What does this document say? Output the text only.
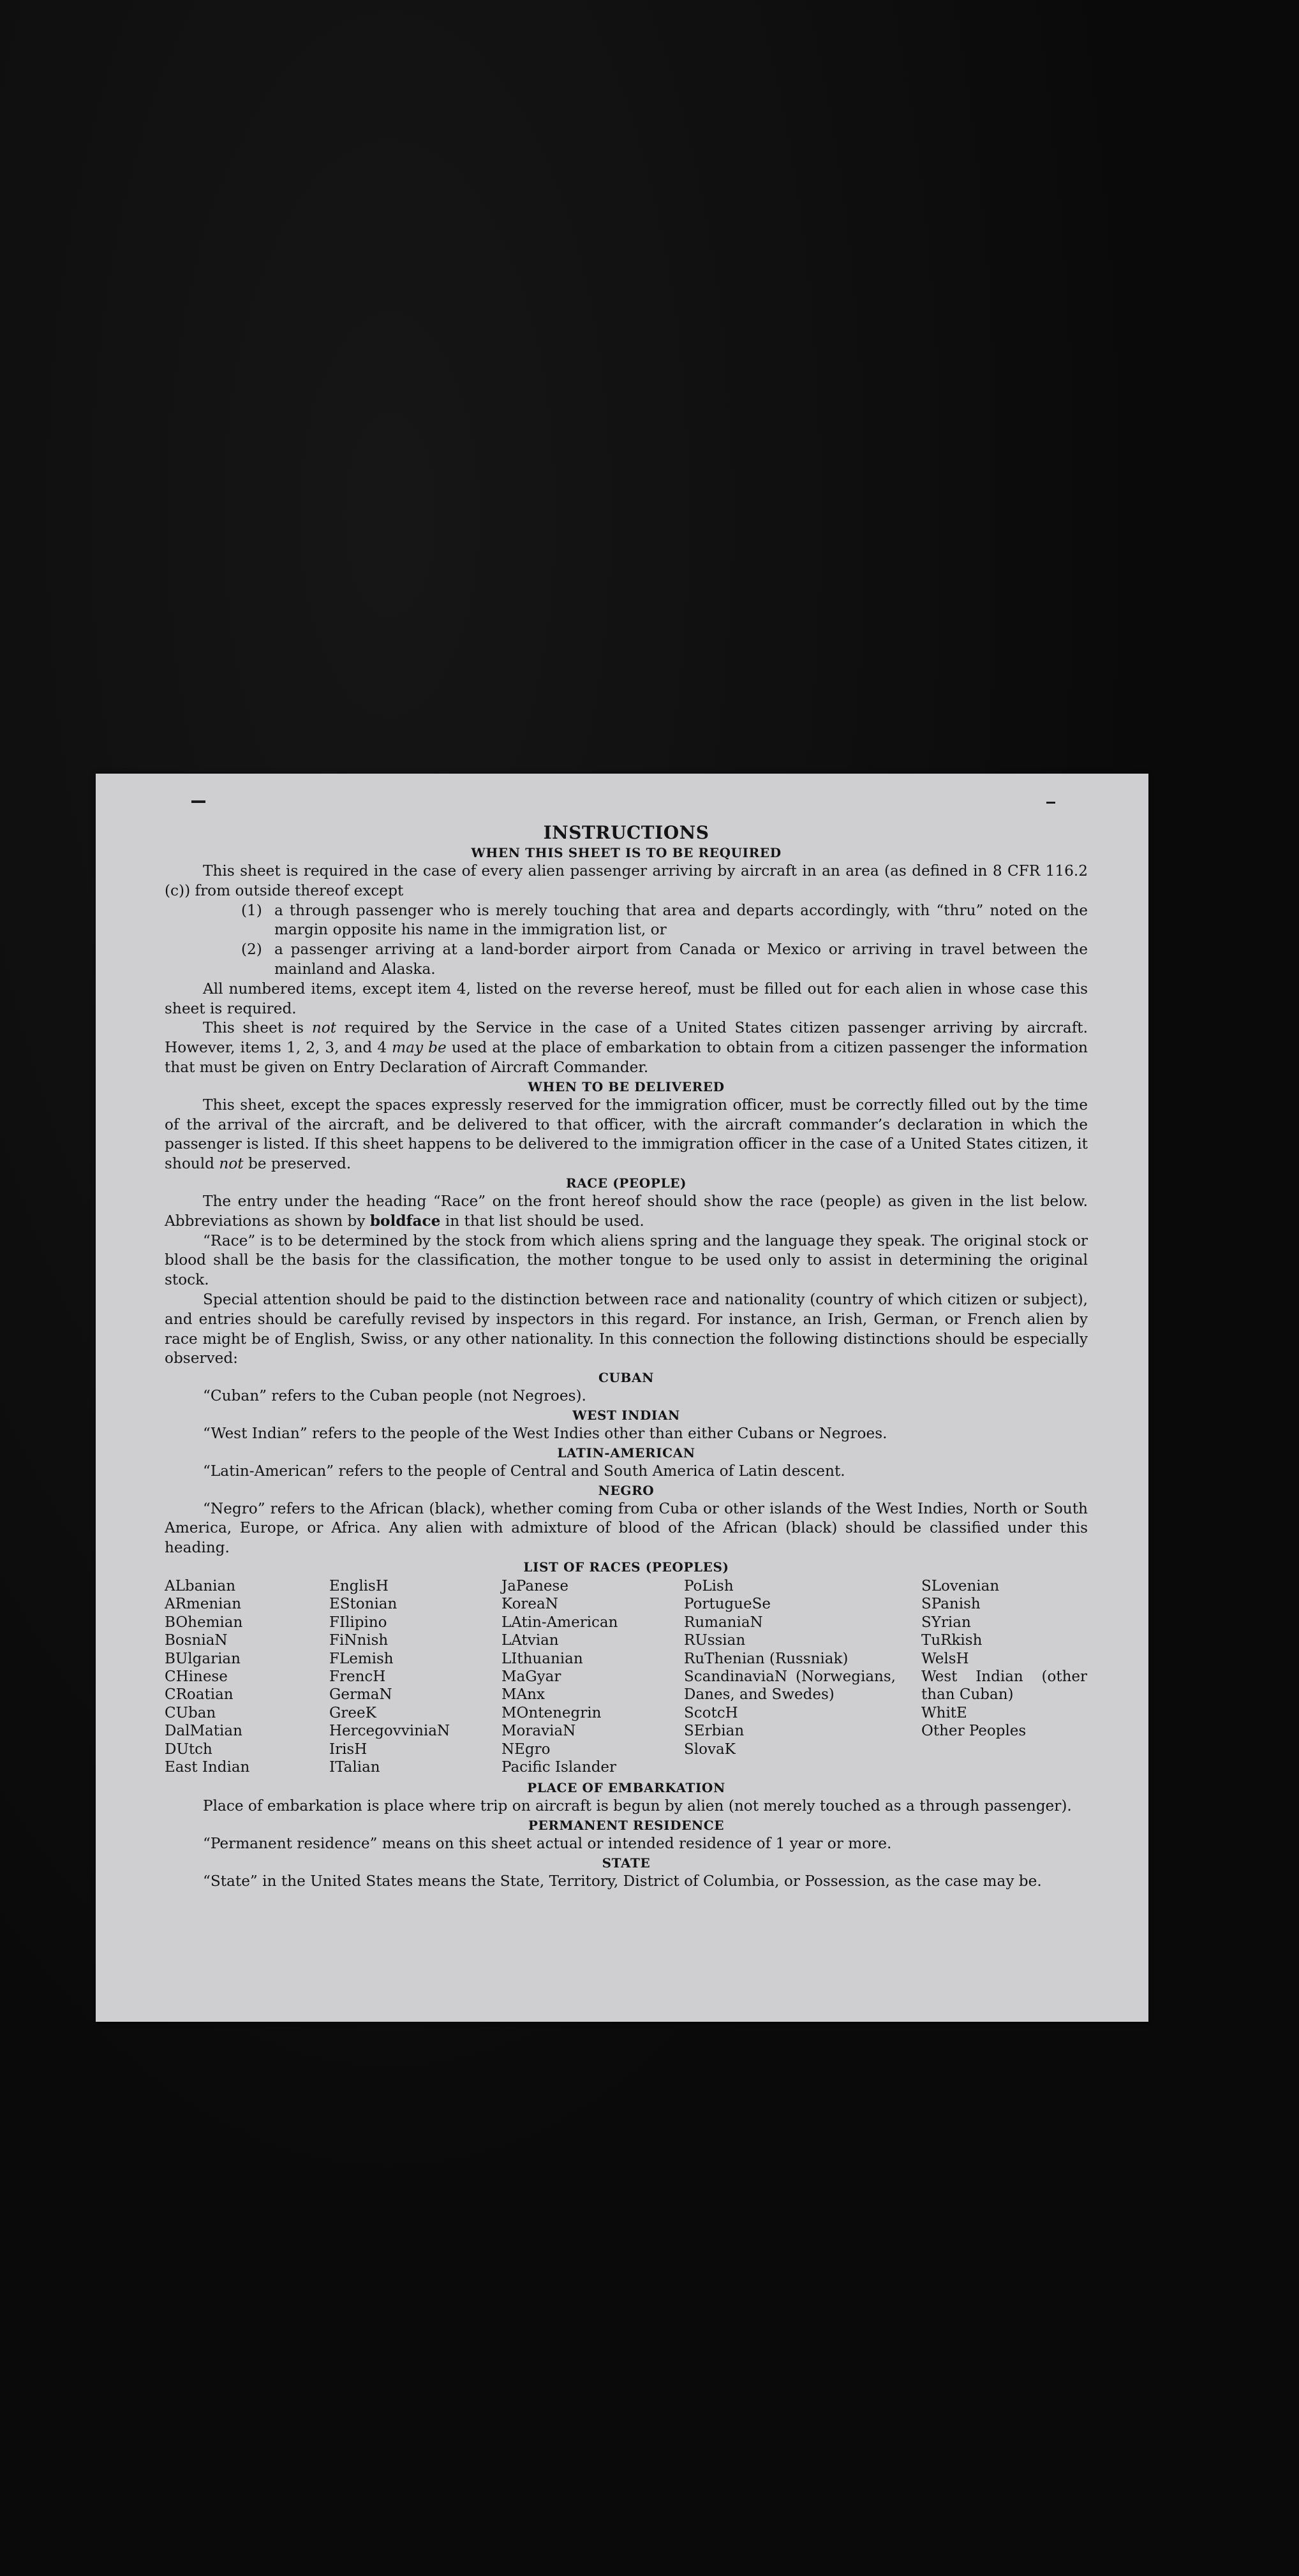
INSTRUCTIONS
WHEN THIS SHEET IS TO BE REQUIRED

This sheet is required in the case of every alien passenger arriving by aircraft in an area (as defined in 8 CFR 116.2 (c)) from outside thereof except

(1) a through passenger who is merely touching that area and departs accordingly, with “thru” noted on the margin opposite his name in the immigration list, or
(2) a passenger arriving at a land-border airport from Canada or Mexico or arriving in travel between the mainland and Alaska.

All numbered items, except item 4, listed on the reverse hereof, must be filled out for each alien in whose case this sheet is required.

This sheet is not required by the Service in the case of a United States citizen passenger arriving by aircraft. However, items 1, 2, 3, and 4 may be used at the place of embarkation to obtain from a citizen passenger the information that must be given on Entry Declaration of Aircraft Commander.

WHEN TO BE DELIVERED

This sheet, except the spaces expressly reserved for the immigration officer, must be correctly filled out by the time of the arrival of the aircraft, and be delivered to that officer, with the aircraft commander’s declaration in which the passenger is listed. If this sheet happens to be delivered to the immigration officer in the case of a United States citizen, it should not be preserved.

RACE (PEOPLE)

The entry under the heading “Race” on the front hereof should show the race (people) as given in the list below. Abbreviations as shown by boldface in that list should be used.

“Race” is to be determined by the stock from which aliens spring and the language they speak. The original stock or blood shall be the basis for the classification, the mother tongue to be used only to assist in determining the original stock.

Special attention should be paid to the distinction between race and nationality (country of which citizen or subject), and entries should be carefully revised by inspectors in this regard. For instance, an Irish, German, or French alien by race might be of English, Swiss, or any other nationality. In this connection the following distinctions should be especially observed:

CUBAN

“Cuban” refers to the Cuban people (not Negroes).

WEST INDIAN

“West Indian” refers to the people of the West Indies other than either Cubans or Negroes.

LATIN-AMERICAN

“Latin-American” refers to the people of Central and South America of Latin descent.

NEGRO

“Negro” refers to the African (black), whether coming from Cuba or other islands of the West Indies, North or South America, Europe, or Africa. Any alien with admixture of blood of the African (black) should be classified under this heading.

LIST OF RACES (PEOPLES)
ALbanian
ARmenian
BOhemian
BosniaN
BUlgarian
CHinese
CRoatian
CUban
DalMatian
DUtch
East Indian
EnglisH
EStonian
FIlipino
FiNnish
FLemish
FrencH
GermaN
GreeK
HercegovviniaN
IrisH
ITalian
JaPanese
KoreaN
LAtin-American
LAtvian
LIthuanian
MaGyar
MAnx
MOntenegrin
MoraviaN
NEgro
Pacific Islander
PoLish
PortugueSe
RumaniaN
RUssian
RuThenian (Russniak)
ScandinaviaN (Norwegians, Danes, and Swedes)
ScotcH
SErbian
SlovaK
SLovenian
SPanish
SYrian
TuRkish
WelsH
West Indian (other than Cuban)
WhitE
Other Peoples
PLACE OF EMBARKATION

Place of embarkation is place where trip on aircraft is begun by alien (not merely touched as a through passenger).

PERMANENT RESIDENCE

“Permanent residence” means on this sheet actual or intended residence of 1 year or more.

STATE

“State” in the United States means the State, Territory, District of Columbia, or Possession, as the case may be.
